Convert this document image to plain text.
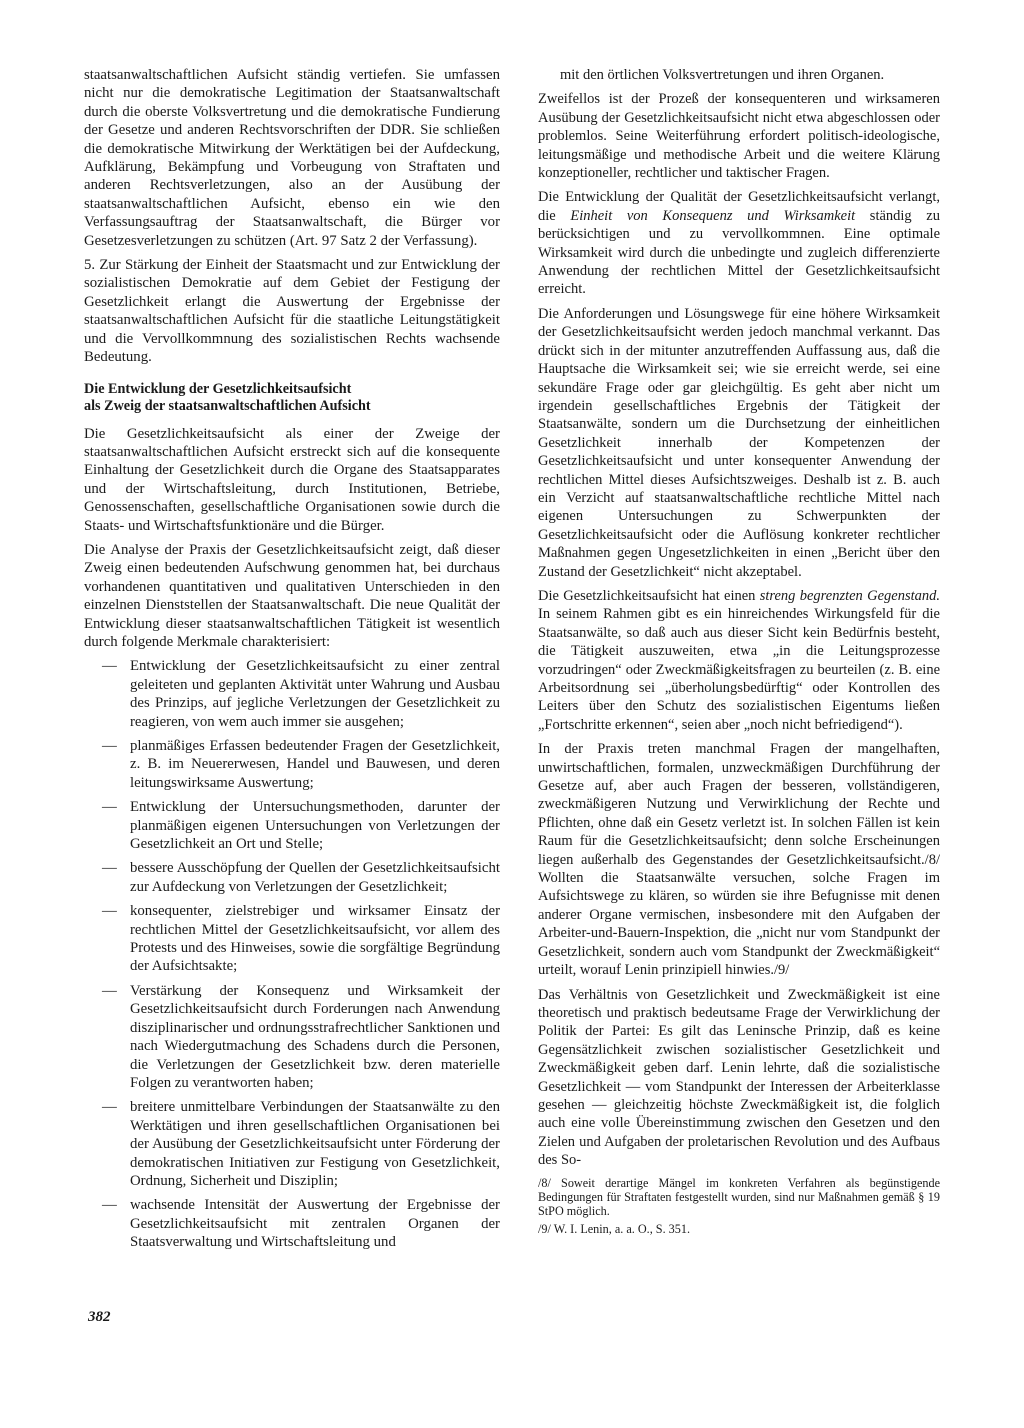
staatsanwaltschaftlichen Aufsicht ständig vertiefen. Sie umfassen nicht nur die demokratische Legitimation der Staatsanwaltschaft durch die oberste Volksvertretung und die demokratische Fundierung der Gesetze und anderen Rechtsvorschriften der DDR. Sie schließen die demokratische Mitwirkung der Werktätigen bei der Aufdeckung, Aufklärung, Bekämpfung und Vorbeugung von Straftaten und anderen Rechtsverletzungen, also an der Ausübung der staatsanwaltschaftlichen Aufsicht, ebenso ein wie den Verfassungsauftrag der Staatsanwaltschaft, die Bürger vor Gesetzesverletzungen zu schützen (Art. 97 Satz 2 der Verfassung).

5. Zur Stärkung der Einheit der Staatsmacht und zur Entwicklung der sozialistischen Demokratie auf dem Gebiet der Festigung der Gesetzlichkeit erlangt die Auswertung der Ergebnisse der staatsanwaltschaftlichen Aufsicht für die staatliche Leitungstätigkeit und die Vervollkommnung des sozialistischen Rechts wachsende Bedeutung.

Die Entwicklung der Gesetzlichkeitsaufsicht
als Zweig der staatsanwaltschaftlichen Aufsicht

Die Gesetzlichkeitsaufsicht als einer der Zweige der staatsanwaltschaftlichen Aufsicht erstreckt sich auf die konsequente Einhaltung der Gesetzlichkeit durch die Organe des Staatsapparates und der Wirtschaftsleitung, durch Institutionen, Betriebe, Genossenschaften, gesellschaftliche Organisationen sowie durch die Staats- und Wirtschaftsfunktionäre und die Bürger.

Die Analyse der Praxis der Gesetzlichkeitsaufsicht zeigt, daß dieser Zweig einen bedeutenden Aufschwung genommen hat, bei durchaus vorhandenen quantitativen und qualitativen Unterschieden in den einzelnen Dienststellen der Staatsanwaltschaft. Die neue Qualität der Entwicklung dieser staatsanwaltschaftlichen Tätigkeit ist wesentlich durch folgende Merkmale charakterisiert:

— Entwicklung der Gesetzlichkeitsaufsicht zu einer zentral geleiteten und geplanten Aktivität unter Wahrung und Ausbau des Prinzips, auf jegliche Verletzungen der Gesetzlichkeit zu reagieren, von wem auch immer sie ausgehen;
— planmäßiges Erfassen bedeutender Fragen der Gesetzlichkeit, z. B. im Neuererwesen, Handel und Bauwesen, und deren leitungswirksame Auswertung;
— Entwicklung der Untersuchungsmethoden, darunter der planmäßigen eigenen Untersuchungen von Verletzungen der Gesetzlichkeit an Ort und Stelle;
— bessere Ausschöpfung der Quellen der Gesetzlichkeitsaufsicht zur Aufdeckung von Verletzungen der Gesetzlichkeit;
— konsequenter, zielstrebiger und wirksamer Einsatz der rechtlichen Mittel der Gesetzlichkeitsaufsicht, vor allem des Protests und des Hinweises, sowie die sorgfältige Begründung der Aufsichtsakte;
— Verstärkung der Konsequenz und Wirksamkeit der Gesetzlichkeitsaufsicht durch Forderungen nach Anwendung disziplinarischer und ordnungsstrafrechtlicher Sanktionen und nach Wiedergutmachung des Schadens durch die Personen, die Verletzungen der Gesetzlichkeit bzw. deren materielle Folgen zu verantworten haben;
— breitere unmittelbare Verbindungen der Staatsanwälte zu den Werktätigen und ihren gesellschaftlichen Organisationen bei der Ausübung der Gesetzlichkeitsaufsicht unter Förderung der demokratischen Initiativen zur Festigung von Gesetzlichkeit, Ordnung, Sicherheit und Disziplin;
— wachsende Intensität der Auswertung der Ergebnisse der Gesetzlichkeitsaufsicht mit zentralen Organen der Staatsverwaltung und Wirtschaftsleitung und

mit den örtlichen Volksvertretungen und ihren Organen.

Zweifellos ist der Prozeß der konsequenteren und wirksameren Ausübung der Gesetzlichkeitsaufsicht nicht etwa abgeschlossen oder problemlos. Seine Weiterführung erfordert politisch-ideologische, leitungsmäßige und methodische Arbeit und die weitere Klärung konzeptioneller, rechtlicher und taktischer Fragen.

Die Entwicklung der Qualität der Gesetzlichkeitsaufsicht verlangt, die Einheit von Konsequenz und Wirksamkeit ständig zu berücksichtigen und zu vervollkommnen. Eine optimale Wirksamkeit wird durch die unbedingte und zugleich differenzierte Anwendung der rechtlichen Mittel der Gesetzlichkeitsaufsicht erreicht.

Die Anforderungen und Lösungswege für eine höhere Wirksamkeit der Gesetzlichkeitsaufsicht werden jedoch manchmal verkannt. Das drückt sich in der mitunter anzutreffenden Auffassung aus, daß die Hauptsache die Wirksamkeit sei; wie sie erreicht werde, sei eine sekundäre Frage oder gar gleichgültig. Es geht aber nicht um irgendein gesellschaftliches Ergebnis der Tätigkeit der Staatsanwälte, sondern um die Durchsetzung der einheitlichen Gesetzlichkeit innerhalb der Kompetenzen der Gesetzlichkeitsaufsicht und unter konsequenter Anwendung der rechtlichen Mittel dieses Aufsichtszweiges. Deshalb ist z. B. auch ein Verzicht auf staatsanwaltschaftliche rechtliche Mittel nach eigenen Untersuchungen zu Schwerpunkten der Gesetzlichkeitsaufsicht oder die Auflösung konkreter rechtlicher Maßnahmen gegen Ungesetzlichkeiten in einen „Bericht über den Zustand der Gesetzlichkeit“ nicht akzeptabel.

Die Gesetzlichkeitsaufsicht hat einen streng begrenzten Gegenstand. In seinem Rahmen gibt es ein hinreichendes Wirkungsfeld für die Staatsanwälte, so daß auch aus dieser Sicht kein Bedürfnis besteht, die Tätigkeit auszuweiten, etwa „in die Leitungsprozesse vorzudringen“ oder Zweckmäßigkeitsfragen zu beurteilen (z. B. eine Arbeitsordnung sei „überholungsbedürftig“ oder Kontrollen des Leiters über den Schutz des sozialistischen Eigentums ließen „Fortschritte erkennen“, seien aber „noch nicht befriedigend“).

In der Praxis treten manchmal Fragen der mangelhaften, unwirtschaftlichen, formalen, unzweckmäßigen Durchführung der Gesetze auf, aber auch Fragen der besseren, vollständigeren, zweckmäßigeren Nutzung und Verwirklichung der Rechte und Pflichten, ohne daß ein Gesetz verletzt ist. In solchen Fällen ist kein Raum für die Gesetzlichkeitsaufsicht; denn solche Erscheinungen liegen außerhalb des Gegenstandes der Gesetzlichkeitsaufsicht./8/ Wollten die Staatsanwälte versuchen, solche Fragen im Aufsichtswege zu klären, so würden sie ihre Befugnisse mit denen anderer Organe vermischen, insbesondere mit den Aufgaben der Arbeiter-und-Bauern-Inspektion, die „nicht nur vom Standpunkt der Gesetzlichkeit, sondern auch vom Standpunkt der Zweckmäßigkeit“ urteilt, worauf Lenin prinzipiell hinwies./9/

Das Verhältnis von Gesetzlichkeit und Zweckmäßigkeit ist eine theoretisch und praktisch bedeutsame Frage der Verwirklichung der Politik der Partei: Es gilt das Leninsche Prinzip, daß es keine Gegensätzlichkeit zwischen sozialistischer Gesetzlichkeit und Zweckmäßigkeit geben darf. Lenin lehrte, daß die sozialistische Gesetzlichkeit — vom Standpunkt der Interessen der Arbeiterklasse gesehen — gleichzeitig höchste Zweckmäßigkeit ist, die folglich auch eine volle Übereinstimmung zwischen den Gesetzen und den Zielen und Aufgaben der proletarischen Revolution und des Aufbaus des So-

/8/ Soweit derartige Mängel im konkreten Verfahren als begünstigende Bedingungen für Straftaten festgestellt wurden, sind nur Maßnahmen gemäß § 19 StPO möglich.

/9/ W. I. Lenin, a. a. O., S. 351.

382
